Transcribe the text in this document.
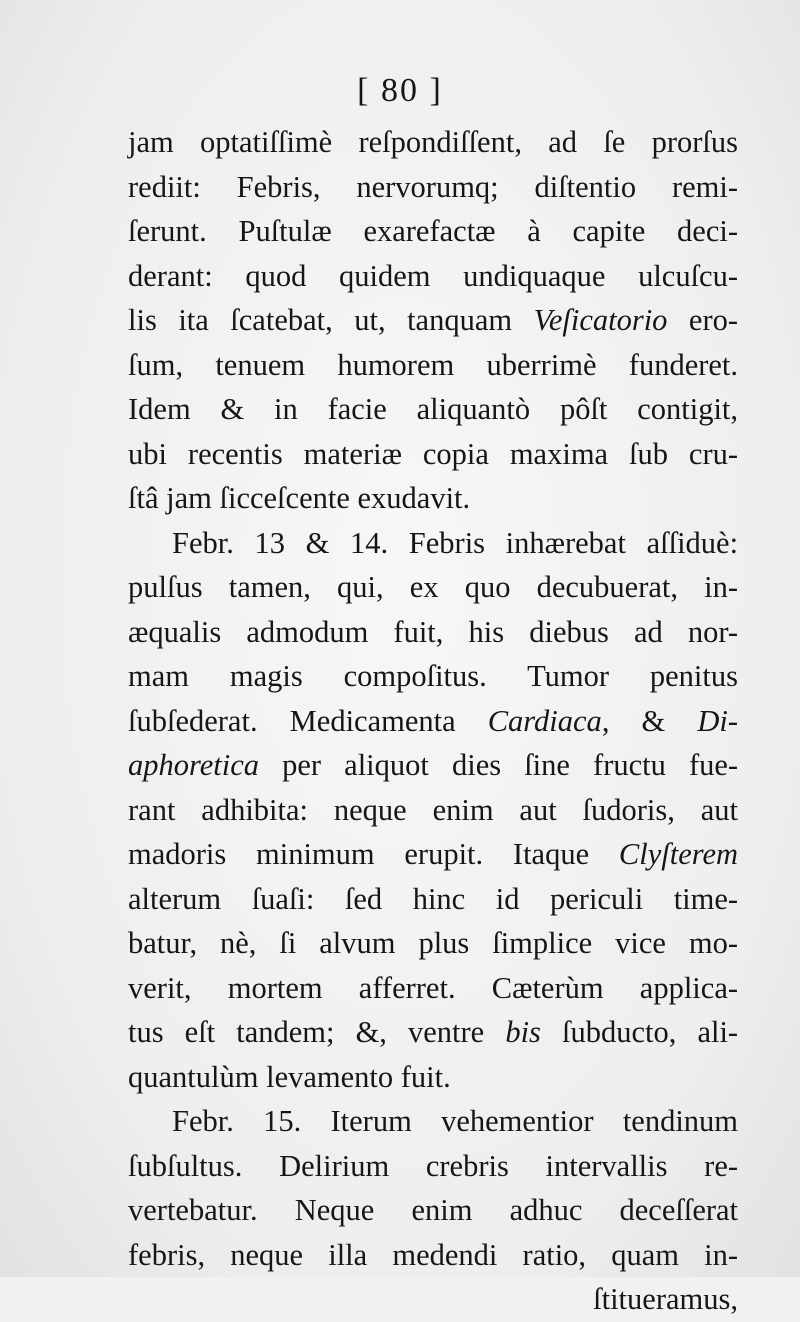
[ 80 ]
jam optatiſſimè reſpondiſſent, ad ſe prorſus
rediit: Febris, nervorumq; diſtentio remi-
ſerunt. Puſtulæ exarefactæ à capite deci-
derant: quod quidem undiquaque ulcuſcu-
lis ita ſcatebat, ut, tanquam Veſicatorio ero-
ſum, tenuem humorem uberrimè funderet.
Idem & in facie aliquantò pôſt contigit,
ubi recentis materiæ copia maxima ſub cru-
ſtâ jam ſicceſcente exudavit.
Febr. 13 & 14. Febris inhærebat aſſiduè:
pulſus tamen, qui, ex quo decubuerat, in-
æqualis admodum fuit, his diebus ad nor-
mam magis compoſitus. Tumor penitus
ſubſederat. Medicamenta Cardiaca, & Di-
aphoretica per aliquot dies ſine fructu fue-
rant adhibita: neque enim aut ſudoris, aut
madoris minimum erupit. Itaque Clyſterem
alterum ſuaſi: ſed hinc id periculi time-
batur, nè, ſi alvum plus ſimplice vice mo-
verit, mortem afferret. Cæterùm applica-
tus eſt tandem; &, ventre bis ſubducto, ali-
quantulùm levamento fuit.
Febr. 15. Iterum vehementior tendinum
ſubſultus. Delirium crebris intervallis re-
vertebatur. Neque enim adhuc deceſſerat
febris, neque illa medendi ratio, quam in-
ſtitueramus,
